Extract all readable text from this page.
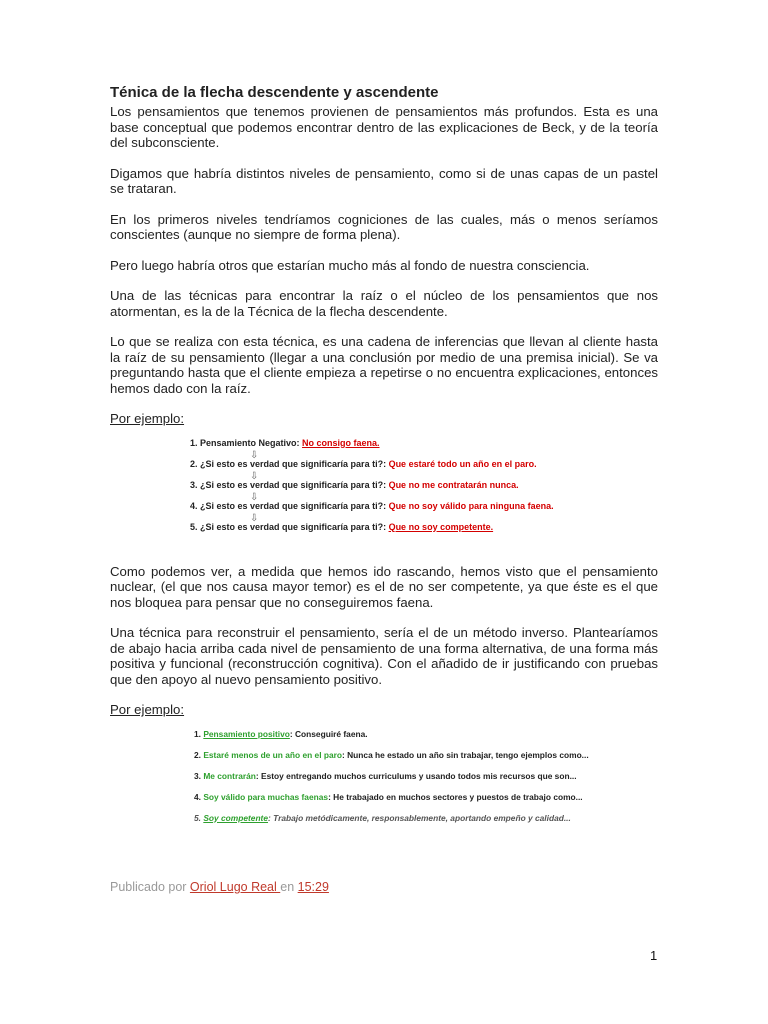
Ténica de la flecha descendente y ascendente

Los pensamientos que tenemos provienen de pensamientos más profundos. Esta es una base conceptual que podemos encontrar dentro de las explicaciones de Beck, y de la teoría del subconsciente.

Digamos que habría distintos niveles de pensamiento, como si de unas capas de un pastel se trataran.

En los primeros niveles tendríamos cogniciones de las cuales, más o menos seríamos conscientes (aunque no siempre de forma plena).

Pero luego habría otros que estarían mucho más al fondo de nuestra consciencia.

Una de las técnicas para encontrar la raíz o el núcleo de los pensamientos que nos atormentan, es la de la Técnica de la flecha descendente.

Lo que se realiza con esta técnica, es una cadena de inferencias que llevan al cliente hasta la raíz de su pensamiento (llegar a una conclusión por medio de una premisa inicial). Se va preguntando hasta que el cliente empieza a repetirse o no encuentra explicaciones, entonces hemos dado con la raíz.

Por ejemplo:

1. Pensamiento Negativo: No consigo faena.
⇩
2. ¿Si esto es verdad que significaría para ti?: Que estaré todo un año en el paro.
⇩
3. ¿Si esto es verdad que significaría para ti?: Que no me contratarán nunca.
⇩
4. ¿Si esto es verdad que significaría para ti?: Que no soy válido para ninguna faena.
⇩
5. ¿Si esto es verdad que significaría para ti?: Que no soy competente.

Como podemos ver, a medida que hemos ido rascando, hemos visto que el pensamiento nuclear, (el que nos causa mayor temor) es el de no ser competente, ya que éste es el que nos bloquea para pensar que no conseguiremos faena.

Una técnica para reconstruir el pensamiento, sería el de un método inverso. Plantearíamos de abajo hacia arriba cada nivel de pensamiento de una forma alternativa, de una forma más positiva y funcional (reconstrucción cognitiva). Con el añadido de ir justificando con pruebas que den apoyo al nuevo pensamiento positivo.

Por ejemplo:

1. Pensamiento positivo: Conseguiré faena.
2. Estaré menos de un año en el paro: Nunca he estado un año sin trabajar, tengo ejemplos como...
3. Me contrarán: Estoy entregando muchos curriculums y usando todos mis recursos que son...
4. Soy válido para muchas faenas: He trabajado en muchos sectores y puestos de trabajo como...
5. Soy competente: Trabajo metódicamente, responsablemente, aportando empeño y calidad...
Publicado por Oriol Lugo Real en 15:29
1
